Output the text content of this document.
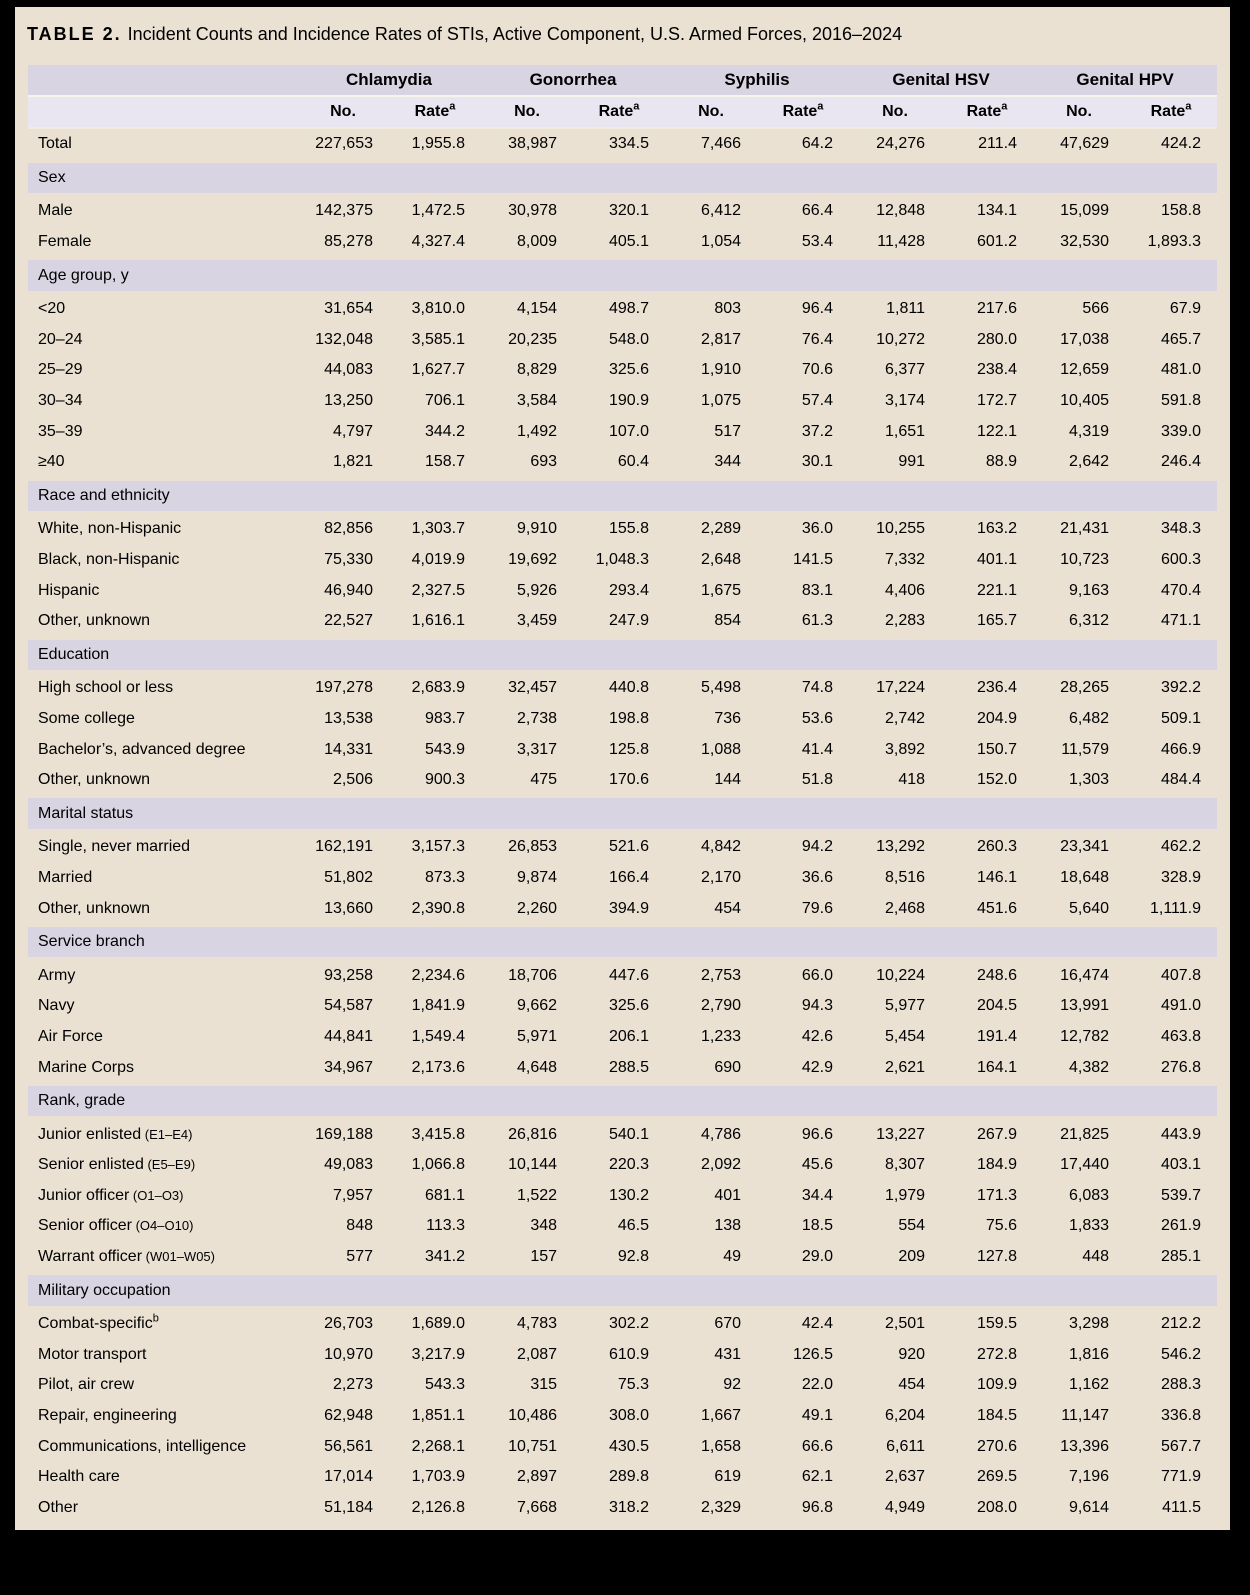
TABLE 2. Incident Counts and Incidence Rates of STIs, Active Component, U.S. Armed Forces, 2016–2024
	Chlamydia		Gonorrhea		Syphilis		Genital HSV		Genital HPV	
	No.	Rate$^a$	No.	Rate$^a$	No.	Rate$^a$	No.	Rate$^a$	No.	Rate$^a$
Total	227,653	1,955.8	38,987	334.5	7,466	64.2	24,276	211.4	47,629	424.2
Sex										
Male	142,375	1,472.5	30,978	320.1	6,412	66.4	12,848	134.1	15,099	158.8
Female	85,278	4,327.4	8,009	405.1	1,054	53.4	11,428	601.2	32,530	1,893.3
Age group, y										
<20	31,654	3,810.0	4,154	498.7	803	96.4	1,811	217.6	566	67.9
20–24	132,048	3,585.1	20,235	548.0	2,817	76.4	10,272	280.0	17,038	465.7
25–29	44,083	1,627.7	8,829	325.6	1,910	70.6	6,377	238.4	12,659	481.0
30–34	13,250	706.1	3,584	190.9	1,075	57.4	3,174	172.7	10,405	591.8
35–39	4,797	344.2	1,492	107.0	517	37.2	1,651	122.1	4,319	339.0
≥40	1,821	158.7	693	60.4	344	30.1	991	88.9	2,642	246.4
Race and ethnicity										
White, non-Hispanic	82,856	1,303.7	9,910	155.8	2,289	36.0	10,255	163.2	21,431	348.3
Black, non-Hispanic	75,330	4,019.9	19,692	1,048.3	2,648	141.5	7,332	401.1	10,723	600.3
Hispanic	46,940	2,327.5	5,926	293.4	1,675	83.1	4,406	221.1	9,163	470.4
Other, unknown	22,527	1,616.1	3,459	247.9	854	61.3	2,283	165.7	6,312	471.1
Education										
High school or less	197,278	2,683.9	32,457	440.8	5,498	74.8	17,224	236.4	28,265	392.2
Some college	13,538	983.7	2,738	198.8	736	53.6	2,742	204.9	6,482	509.1
Bachelor’s, advanced degree	14,331	543.9	3,317	125.8	1,088	41.4	3,892	150.7	11,579	466.9
Other, unknown	2,506	900.3	475	170.6	144	51.8	418	152.0	1,303	484.4
Marital status										
Single, never married	162,191	3,157.3	26,853	521.6	4,842	94.2	13,292	260.3	23,341	462.2
Married	51,802	873.3	9,874	166.4	2,170	36.6	8,516	146.1	18,648	328.9
Other, unknown	13,660	2,390.8	2,260	394.9	454	79.6	2,468	451.6	5,640	1,111.9
Service branch										
Army	93,258	2,234.6	18,706	447.6	2,753	66.0	10,224	248.6	16,474	407.8
Navy	54,587	1,841.9	9,662	325.6	2,790	94.3	5,977	204.5	13,991	491.0
Air Force	44,841	1,549.4	5,971	206.1	1,233	42.6	5,454	191.4	12,782	463.8
Marine Corps	34,967	2,173.6	4,648	288.5	690	42.9	2,621	164.1	4,382	276.8
Rank, grade										
Junior enlisted (E1–E4)	169,188	3,415.8	26,816	540.1	4,786	96.6	13,227	267.9	21,825	443.9
Senior enlisted (E5–E9)	49,083	1,066.8	10,144	220.3	2,092	45.6	8,307	184.9	17,440	403.1
Junior officer (O1–O3)	7,957	681.1	1,522	130.2	401	34.4	1,979	171.3	6,083	539.7
Senior officer (O4–O10)	848	113.3	348	46.5	138	18.5	554	75.6	1,833	261.9
Warrant officer (W01–W05)	577	341.2	157	92.8	49	29.0	209	127.8	448	285.1
Military occupation										
Combat-specific$^b$	26,703	1,689.0	4,783	302.2	670	42.4	2,501	159.5	3,298	212.2
Motor transport	10,970	3,217.9	2,087	610.9	431	126.5	920	272.8	1,816	546.2
Pilot, air crew	2,273	543.3	315	75.3	92	22.0	454	109.9	1,162	288.3
Repair, engineering	62,948	1,851.1	10,486	308.0	1,667	49.1	6,204	184.5	11,147	336.8
Communications, intelligence	56,561	2,268.1	10,751	430.5	1,658	66.6	6,611	270.6	13,396	567.7
Health care	17,014	1,703.9	2,897	289.8	619	62.1	2,637	269.5	7,196	771.9
Other	51,184	2,126.8	7,668	318.2	2,329	96.8	4,949	208.0	9,614	411.5
Abbreviations: STIs, sexually transmitted infections; HSV, herpes simplex virus; HPV, human papillomavirus; No., number; y, years.
$^a$Incidence rate per 100,000 person-years.
$^b$Infantry, artillery, combat engineering, armor.
